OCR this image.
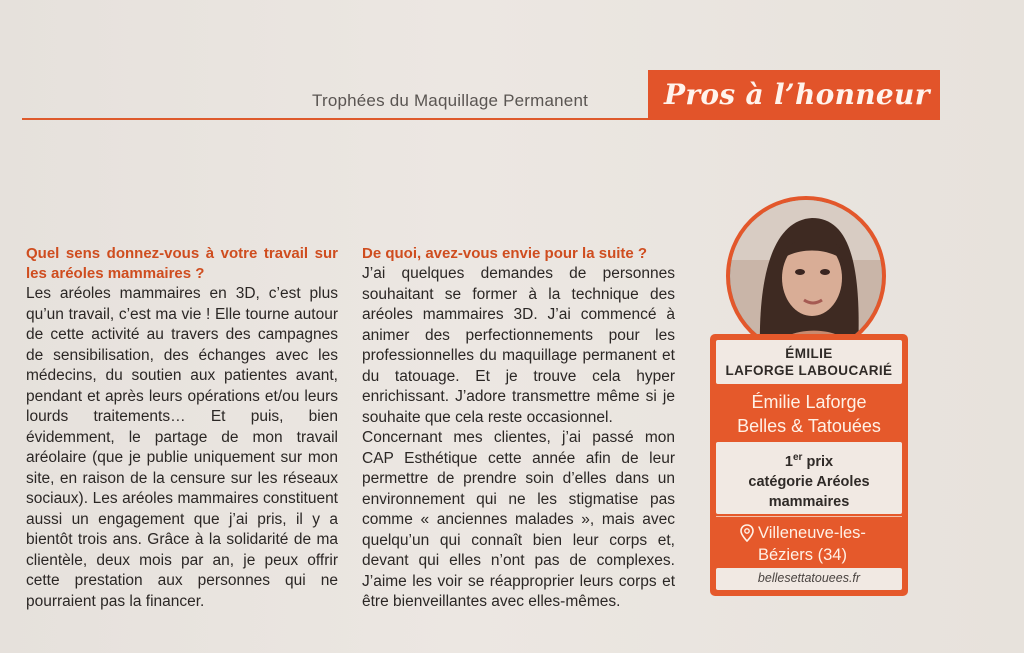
Trophées du Maquillage Permanent	Pros à l’honneur

Quel sens donnez-vous à votre travail sur les aréoles mammaires ?

Les aréoles mammaires en 3D, c’est plus qu’un travail, c’est ma vie ! Elle tourne autour de cette activité au travers des campagnes de sensibilisation, des échanges avec les médecins, du soutien aux patientes avant, pendant et après leurs opérations et/ou leurs lourds traitements… Et puis, bien évidemment, le partage de mon travail aréolaire (que je publie uniquement sur mon site, en raison de la censure sur les réseaux sociaux). Les aréoles mammaires constituent aussi un engagement que j’ai pris, il y a bientôt trois ans. Grâce à la solidarité de ma clientèle, deux mois par an, je peux offrir cette prestation aux personnes qui ne pourraient pas la financer.

De quoi, avez-vous envie pour la suite ?

J’ai quelques demandes de personnes souhaitant se former à la technique des aréoles mammaires 3D. J’ai commencé à animer des perfectionnements pour les professionnelles du maquillage permanent et du tatouage. Et je trouve cela hyper enrichissant. J’adore transmettre même si je souhaite que cela reste occasionnel.

Concernant mes clientes, j’ai passé mon CAP Esthétique cette année afin de leur permettre de prendre soin d’elles dans un environnement qui ne les stigmatise pas comme « anciennes malades », mais avec quelqu’un qui connaît bien leur corps et, devant qui elles n’ont pas de complexes. J’aime les voir se réapproprier leurs corps et être bienveillantes avec elles-mêmes.

ÉMILIE
LAFORGE LABOUCARIÉ
Émilie Laforge
Belles & Tatouées
1er prix
catégorie Aréoles
mammaires
Villeneuve-les-
Béziers (34)
bellesettatouees.fr
